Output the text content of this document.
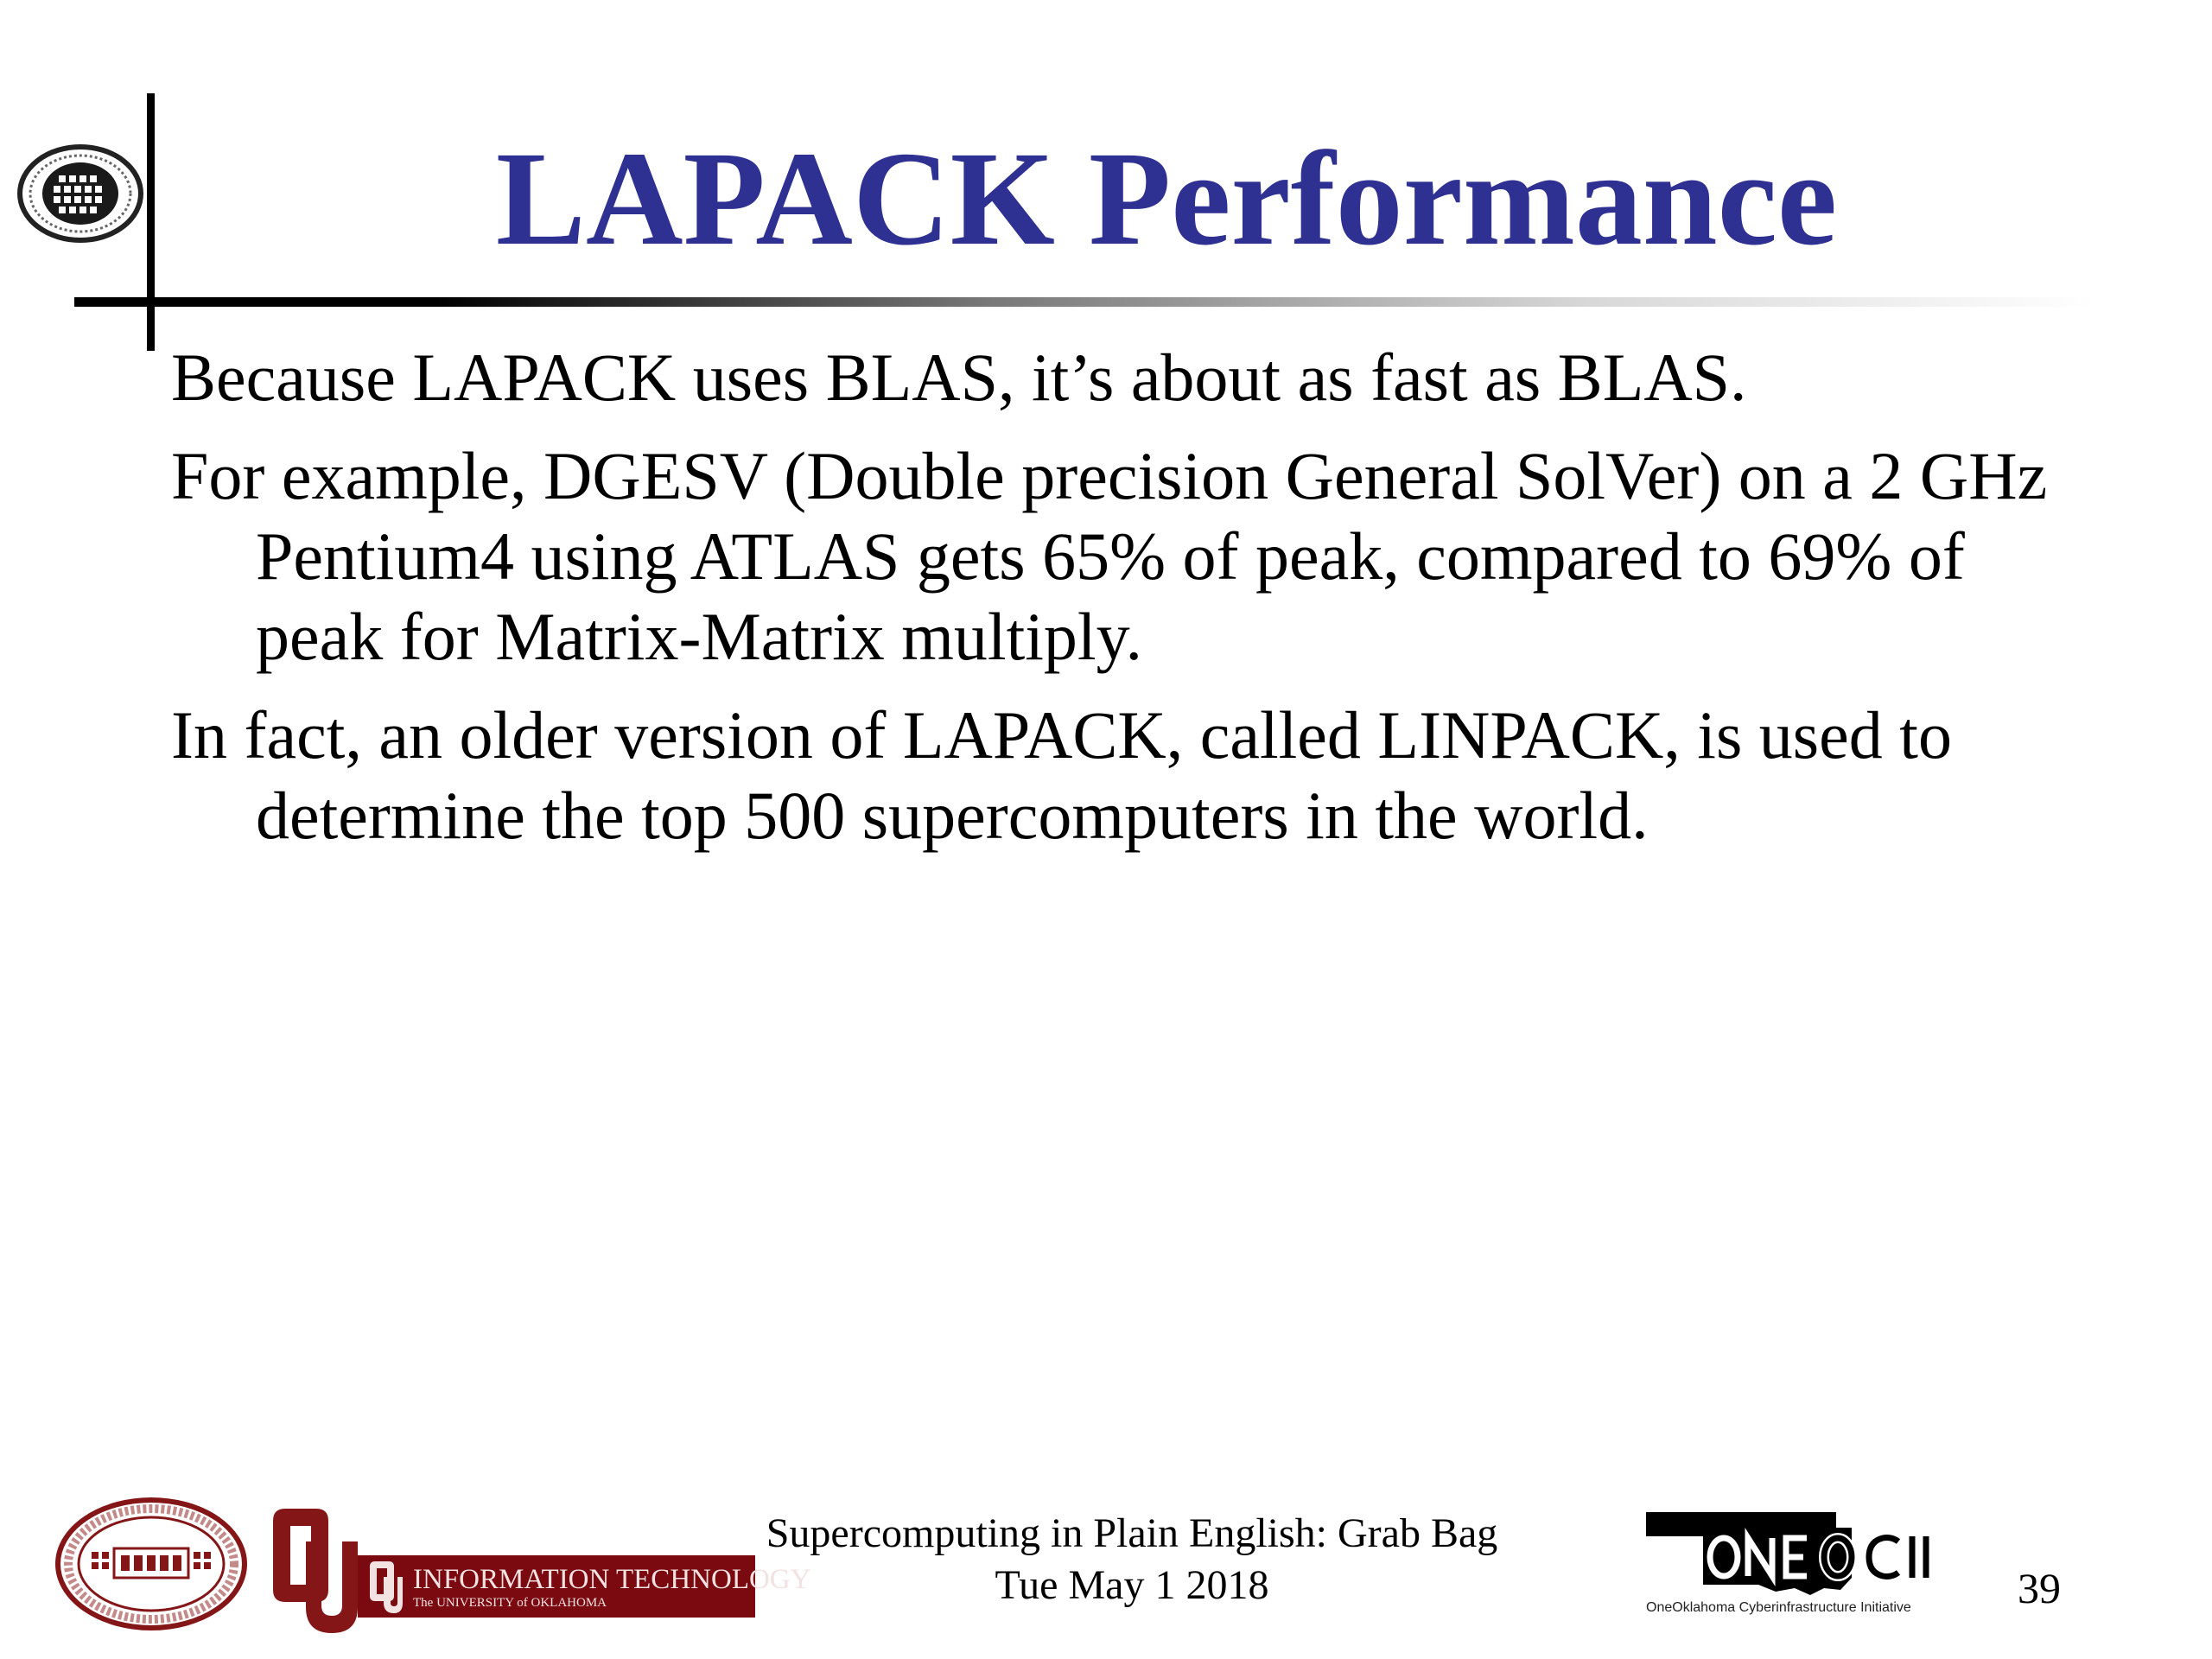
LAPACK Performance
Because LAPACK uses BLAS, it’s about as fast as BLAS.
For example, DGESV (Double precision General SolVer) on a 2 GHz Pentium4 using ATLAS gets 65% of peak, compared to 69% of peak for Matrix-Matrix multiply.
In fact, an older version of LAPACK, called LINPACK, is used to determine the top 500 supercomputers in the world.
INFORMATION TECHNOLOGY
The UNIVERSITY of OKLAHOMA
Supercomputing in Plain English: Grab Bag
Tue May 1 2018	OneOklahoma Cyberinfrastructure Initiative	39
